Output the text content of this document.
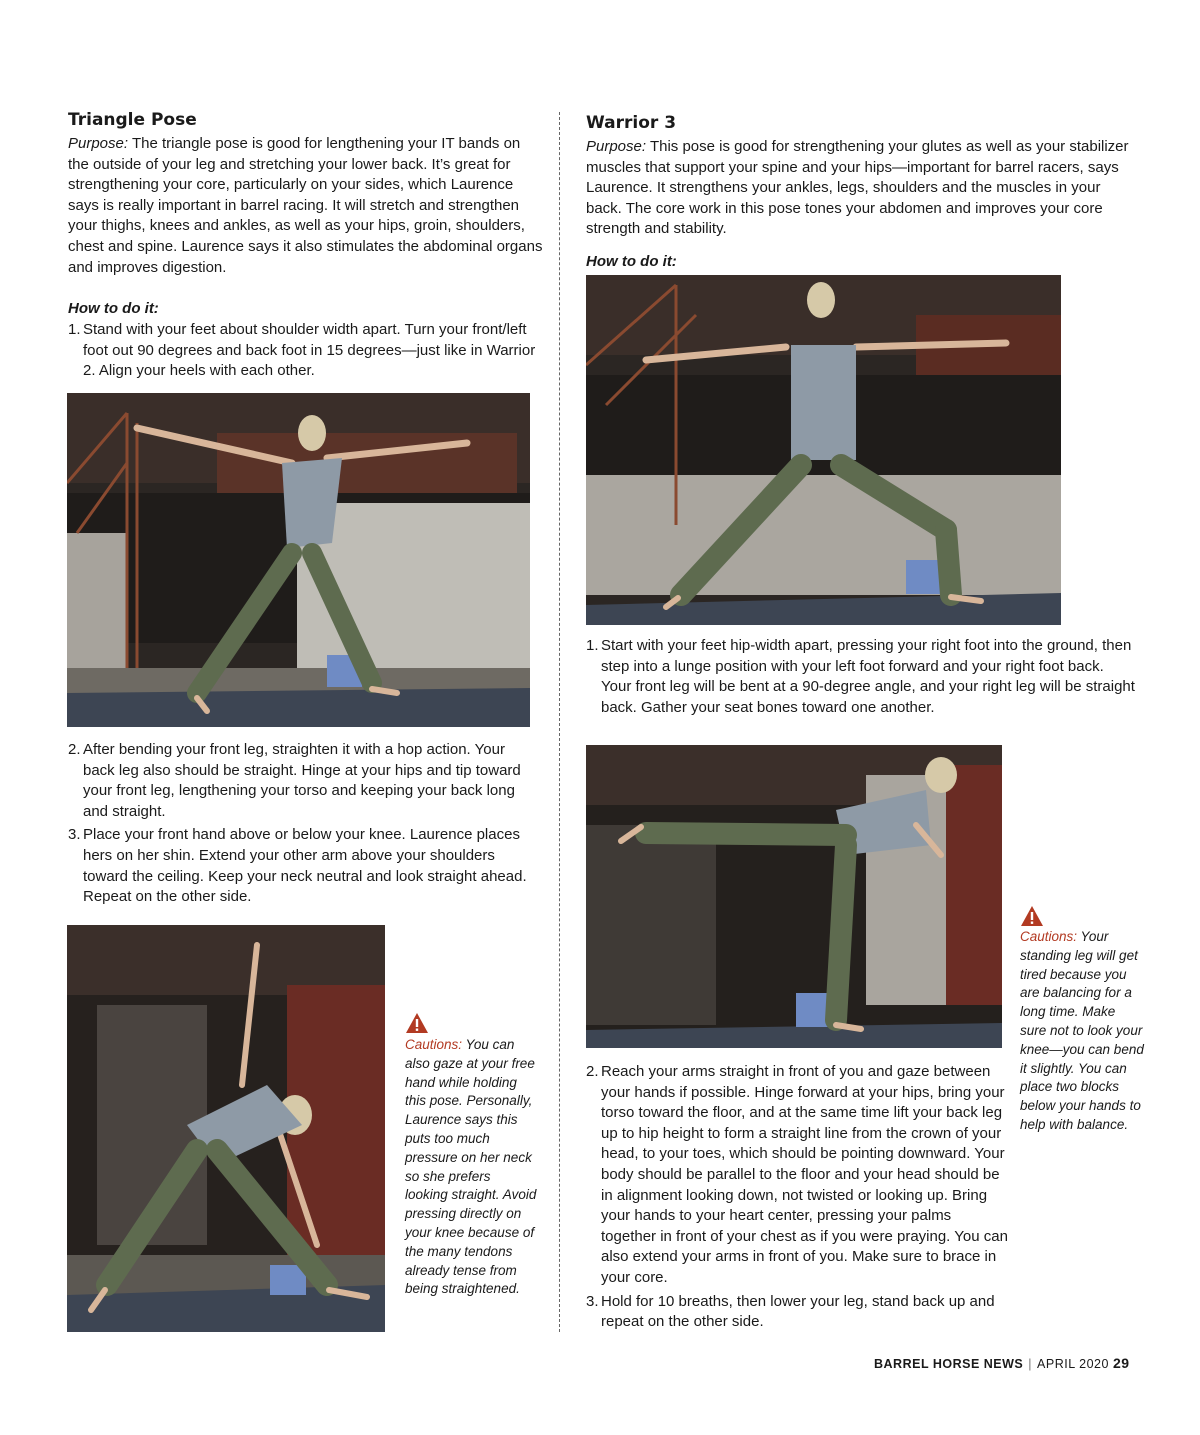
Triangle Pose

Purpose: The triangle pose is good for lengthening your IT bands on the outside of your leg and stretching your lower back. It’s great for strengthening your core, particularly on your sides, which Laurence says is really important in barrel racing. It will stretch and strengthen your thighs, knees and ankles, as well as your hips, groin, shoulders, chest and spine. Laurence says it also stimulates the abdominal organs and improves digestion.

How to do it:

1. Stand with your feet about shoulder width apart. Turn your front/left foot out 90 degrees and back foot in 15 degrees—just like in Warrior 2. Align your heels with each other.
2. After bending your front leg, straighten it with a hop action. Your back leg also should be straight. Hinge at your hips and tip toward your front leg, lengthening your torso and keeping your back long and straight.
3. Place your front hand above or below your knee. Laurence places hers on her shin. Extend your other arm above your shoulders toward the ceiling. Keep your neck neutral and look straight ahead. Repeat on the other side.

Cautions: You can also gaze at your free hand while holding this pose. Personally, Laurence says this puts too much pressure on her neck so she prefers looking straight. Avoid pressing directly on your knee because of the many tendons already tense from being straightened.

Warrior 3

Purpose: This pose is good for strengthening your glutes as well as your stabilizer muscles that support your spine and your hips—important for barrel racers, says Laurence. It strengthens your ankles, legs, shoulders and the muscles in your back. The core work in this pose tones your abdomen and improves your core strength and stability.

How to do it:

1. Start with your feet hip-width apart, pressing your right foot into the ground, then step into a lunge position with your left foot forward and your right foot back. Your front leg will be bent at a 90-degree angle, and your right leg will be straight back. Gather your seat bones toward one another.

Cautions: Your standing leg will get tired because you are balancing for a long time. Make sure not to look your knee—you can bend it slightly. You can place two blocks below your hands to help with balance.

2. Reach your arms straight in front of you and gaze between your hands if possible. Hinge forward at your hips, bring your torso toward the floor, and at the same time lift your back leg up to hip height to form a straight line from the crown of your head, to your toes, which should be pointing downward. Your body should be parallel to the floor and your head should be in alignment looking down, not twisted or looking up. Bring your hands to your heart center, pressing your palms together in front of your chest as if you were praying. You can also extend your arms in front of you. Make sure to brace in your core.
3. Hold for 10 breaths, then lower your leg, stand back up and repeat on the other side.
BARREL HORSE NEWS | APRIL 2020 29
